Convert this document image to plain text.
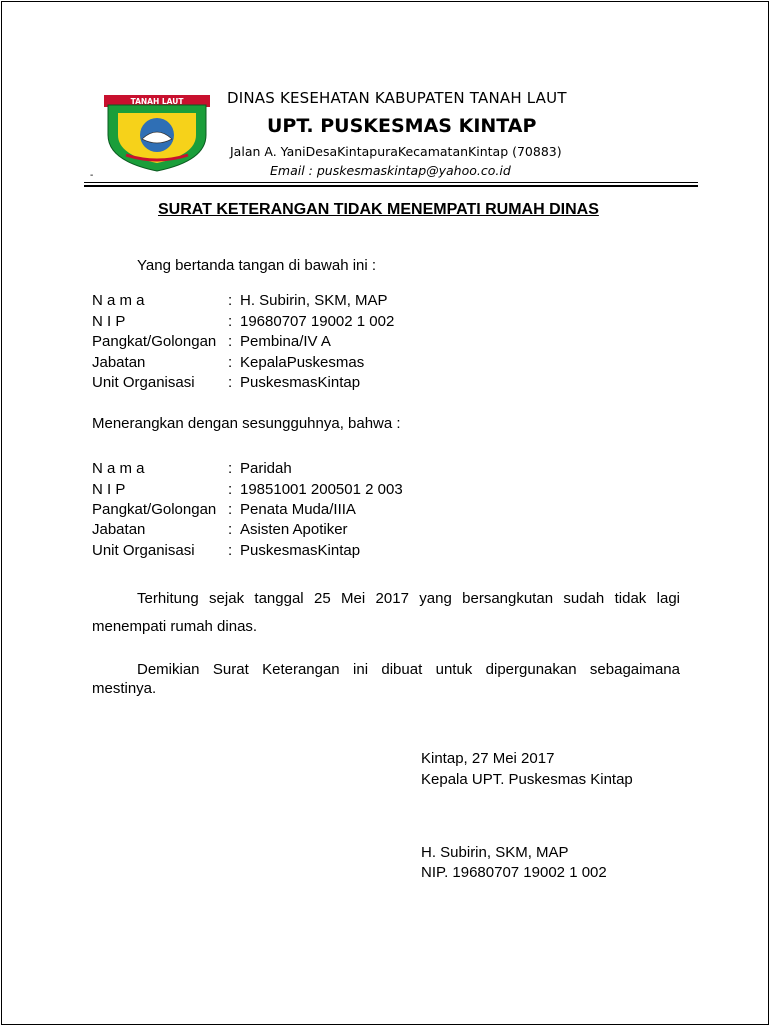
TANAH LAUT	DINAS KESEHATAN KABUPATEN TANAH LAUT
UPT. PUSKESMAS KINTAP
Jalan A. YaniDesaKintapuraKecamatanKintap (70883)
Email : puskesmaskintap@yahoo.co.id
-
SURAT KETERANGAN TIDAK MENEMPATI RUMAH DINAS
Yang bertanda tangan di bawah ini :
N a m a	: H. Subirin, SKM, MAP
N I P	: 19680707 19002 1 002
Pangkat/Golongan : Pembina/IV A
Jabatan	: KepalaPuskesmas
Unit Organisasi : PuskesmasKintap
Menerangkan dengan sesungguhnya, bahwa :
N a m a	: Paridah
N I P	: 19851001 200501 2 003
Pangkat/Golongan : Penata Muda/IIIA
Jabatan	: Asisten Apotiker
Unit Organisasi : PuskesmasKintap
Terhitung sejak tanggal 25 Mei 2017 yang bersangkutan sudah tidak lagi
menempati rumah dinas.
Demikian Surat Keterangan ini dibuat untuk dipergunakan sebagaimana
mestinya.
Kintap, 27 Mei 2017
Kepala UPT. Puskesmas Kintap
H. Subirin, SKM, MAP
NIP. 19680707 19002 1 002
